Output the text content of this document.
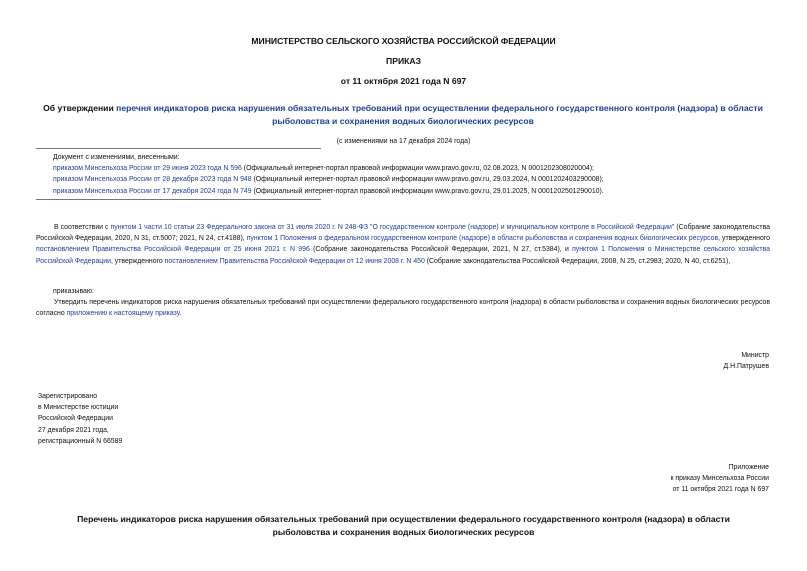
МИНИСТЕРСТВО СЕЛЬСКОГО ХОЗЯЙСТВА РОССИЙСКОЙ ФЕДЕРАЦИИ
ПРИКАЗ
от 11 октября 2021 года N 697
Об утверждении перечня индикаторов риска нарушения обязательных требований при осуществлении федерального государственного контроля (надзора) в области рыболовства и сохранения водных биологических ресурсов
(с изменениями на 17 декабря 2024 года)
Документ с изменениями, внесенными:
приказом Минсельхоза России от 29 июня 2023 года N 596 (Официальный интернет-портал правовой информации www.pravo.gov.ru, 02.08.2023, N 0001202308020004);
приказом Минсельхоза России от 28 декабря 2023 года N 948 (Официальный интернет-портал правовой информации www.pravo.gov.ru, 29.03.2024, N 0001202403290008);
приказом Минсельхоза России от 17 декабря 2024 года N 749 (Официальный интернет-портал правовой информации www.pravo.gov.ru, 29.01.2025, N 0001202501290010).
В соответствии с пунктом 1 части 10 статьи 23 Федерального закона от 31 июля 2020 г. N 248-ФЗ "О государственном контроле (надзоре) и муниципальном контроле в Российской Федерации" (Собрание законодательства Российской Федерации, 2020, N 31, ст.5007; 2021, N 24, ст.4188), пунктом 1 Положения о федеральном государственном контроле (надзоре) в области рыболовства и сохранения водных биологических ресурсов, утвержденного постановлением Правительства Российской Федерации от 25 июня 2021 г. N 996 (Собрание законодательства Российской Федерации, 2021, N 27, ст.5384), и пунктом 1 Положения о Министерстве сельского хозяйства Российской Федерации, утвержденного постановлением Правительства Российской Федерации от 12 июня 2008 г. N 450 (Собрание законодательства Российской Федерации, 2008, N 25, ст.2983; 2020, N 40, ст.6251),
приказываю:
Утвердить перечень индикаторов риска нарушения обязательных требований при осуществлении федерального государственного контроля (надзора) в области рыболовства и сохранения водных биологических ресурсов согласно приложению к настоящему приказу.
Министр
Д.Н.Патрушев
Зарегистрировано
в Министерстве юстиции
Российской Федерации
27 декабря 2021 года,
регистрационный N 66589
Приложение
к приказу Минсельхоза России
от 11 октября 2021 года N 697
Перечень индикаторов риска нарушения обязательных требований при осуществлении федерального государственного контроля (надзора) в области рыболовства и сохранения водных биологических ресурсов
